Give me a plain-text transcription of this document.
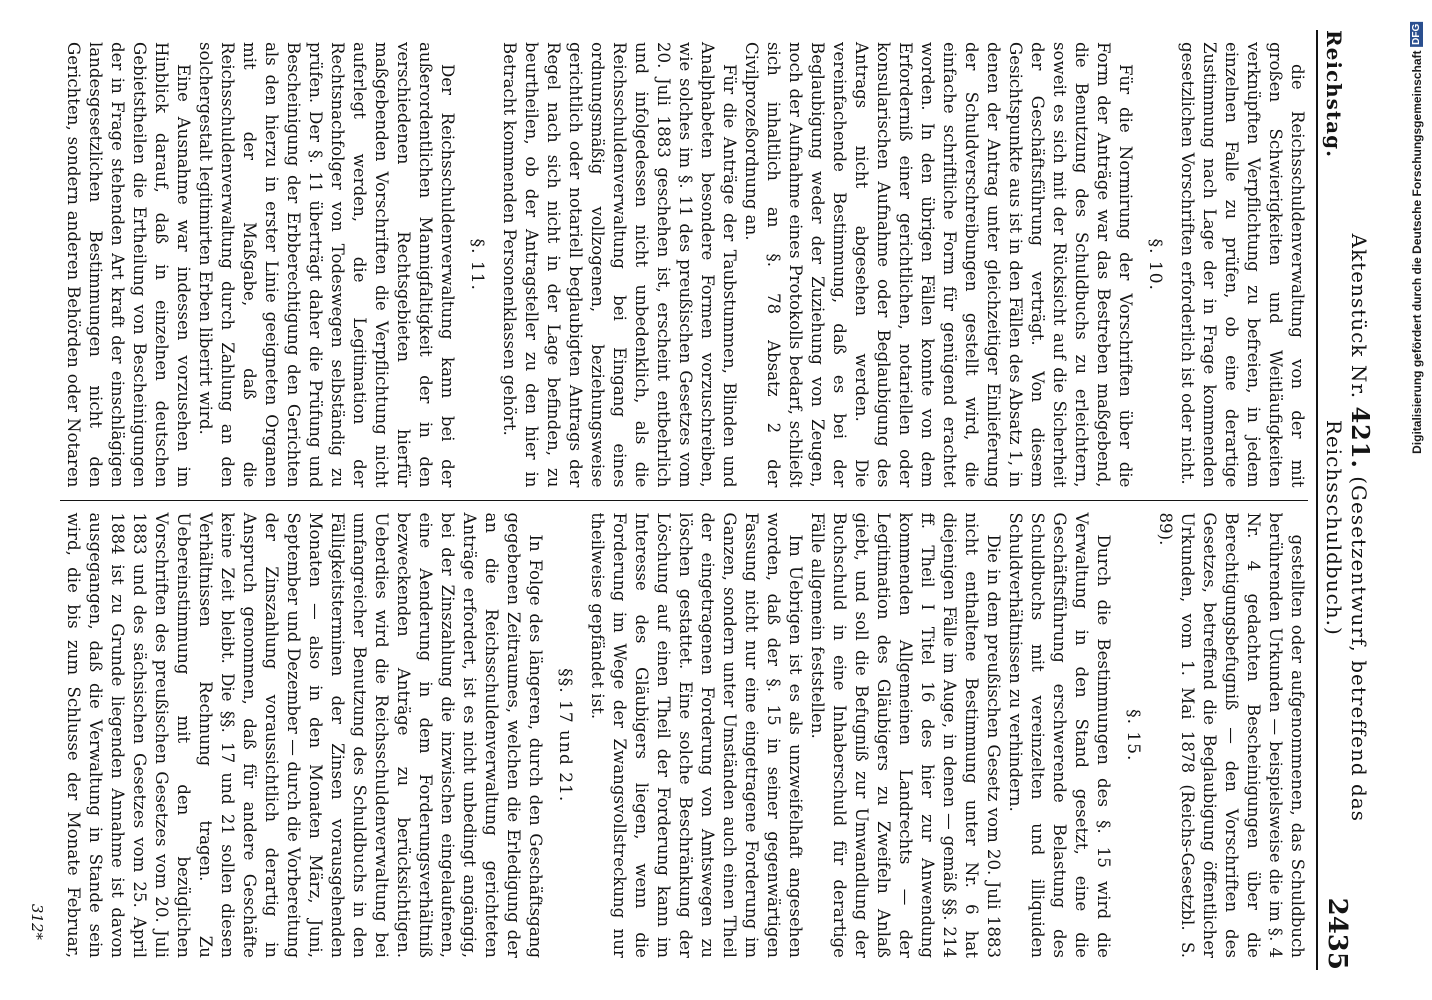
Reichstag.
Aktenstück Nr. 421. (Gesetzentwurf, betreffend das Reichsschuldbuch.)
2435

die Reichsschuldenverwaltung von der mit großen Schwierigkeiten und Weitläufigkeiten verknüpften Verpflichtung zu befreien, in jedem einzelnen Falle zu prüfen, ob eine derartige Zustimmung nach Lage der in Frage kommenden gesetzlichen Vorschriften erforderlich ist oder nicht.

§. 10.

Für die Normirung der Vorschriften über die Form der Anträge war das Bestreben maßgebend, die Benutzung des Schuldbuchs zu erleichtern, soweit es sich mit der Rücksicht auf die Sicherheit der Geschäftsführung verträgt. Von diesem Gesichtspunkte aus ist in den Fällen des Absatz 1, in denen der Antrag unter gleichzeitiger Einlieferung der Schuldverschreibungen gestellt wird, die einfache schriftliche Form für genügend erachtet worden. In den übrigen Fällen konnte von dem Erforderniß einer gerichtlichen, notariellen oder konsularischen Aufnahme oder Beglaubigung des Antrags nicht abgesehen werden. Die vereinfachende Bestimmung, daß es bei der Beglaubigung weder der Zuziehung von Zeugen, noch der Aufnahme eines Protokolls bedarf, schließt sich inhaltlich an §. 78 Absatz 2 der Civilprozeßordnung an.

Für die Anträge der Taubstummen, Blinden und Analphabeten besondere Formen vorzuschreiben, wie solches im §. 11 des preußischen Gesetzes vom 20. Juli 1883 geschehen ist, erscheint entbehrlich und infolgedessen nicht unbedenklich, als die Reichsschuldenverwaltung bei Eingang eines ordnungsmäßig vollzogenen, beziehungsweise gerichtlich oder notariell beglaubigten Antrags der Regel nach sich nicht in der Lage befinden, zu beurtheilen, ob der Antragsteller zu den hier in Betracht kommenden Personenklassen gehört.

§. 11.

Der Reichsschuldenverwaltung kann bei der außerordentlichen Mannigfaltigkeit der in den verschiedenen Rechtsgebieten hierfür maßgebenden Vorschriften die Verpflichtung nicht auferlegt werden, die Legitimation der Rechtsnachfolger von Todeswegen selbständig zu prüfen. Der §. 11 überträgt daher die Prüfung und Bescheinigung der Erbberechtigung den Gerichten als den hierzu in erster Linie geeigneten Organen mit der Maßgabe, daß die Reichsschuldenverwaltung durch Zahlung an den solchergestalt legitimirten Erben liberirt wird.

Eine Ausnahme war indessen vorzusehen im Hinblick darauf, daß in einzelnen deutschen Gebietstheilen die Ertheilung von Bescheinigungen der in Frage stehenden Art kraft der einschlägigen landesgesetzlichen Bestimmungen nicht den Gerichten, sondern anderen Behörden oder Notaren

gestellten oder aufgenommenen, das Schuldbuch berührenden Urkunden — beispielsweise die im §. 4 Nr. 4 gedachten Bescheinigungen über die Berechtigungsbefugniß — den Vorschriften des Gesetzes, betreffend die Beglaubigung öffentlicher Urkunden, vom 1. Mai 1878 (Reichs-Gesetzbl. S. 89).

§. 15.

Durch die Bestimmungen des §. 15 wird die Verwaltung in den Stand gesetzt, eine die Geschäftsführung erschwerende Belastung des Schuldbuchs mit vereinzelten und illiquiden Schuldverhältnissen zu verhindern.

Die in dem preußischen Gesetz vom 20. Juli 1883 nicht enthaltene Bestimmung unter Nr. 6 hat diejenigen Fälle im Auge, in denen — gemäß §§. 214 ff. Theil I Titel 16 des hier zur Anwendung kommenden Allgemeinen Landrechts — der Legitimation des Gläubigers zu Zweifeln Anlaß giebt, und soll die Befugniß zur Umwandlung der Buchschuld in eine Inhaberschuld für derartige Fälle allgemein feststellen.

Im Uebrigen ist es als unzweifelhaft angesehen worden, daß der §. 15 in seiner gegenwärtigen Fassung nicht nur eine eingetragene Forderung im Ganzen, sondern unter Umständen auch einen Theil der eingetragenen Forderung von Amtswegen zu löschen gestattet. Eine solche Beschränkung der Löschung auf einen Theil der Forderung kann im Interesse des Gläubigers liegen, wenn die Forderung im Wege der Zwangsvollstreckung nur theilweise gepfändet ist.

§§. 17 und 21.

In Folge des längeren, durch den Geschäftsgang gegebenen Zeitraumes, welchen die Erledigung der an die Reichsschuldenverwaltung gerichteten Anträge erfordert, ist es nicht unbedingt angängig, bei der Zinszahlung die inzwischen eingelaufenen, eine Aenderung in dem Forderungsverhältniß bezweckenden Anträge zu berücksichtigen. Ueberdies wird die Reichsschuldenverwaltung bei umfangreicher Benutzung des Schuldbuchs in den Fälligkeitsterminen der Zinsen vorausgehenden Monaten — also in den Monaten März, Juni, September und Dezember — durch die Vorbereitung der Zinszahlung voraussichtlich derartig in Anspruch genommen, daß für andere Geschäfte keine Zeit bleibt. Die §§. 17 und 21 sollen diesen Verhältnissen Rechnung tragen. Zu Uebereinstimmung mit den bezüglichen Vorschriften des preußischen Gesetzes vom 20. Juli 1883 und des sächsischen Gesetzes vom 25. April 1884 ist zu Grunde liegenden Annahme ist davon ausgegangen, daß die Verwaltung in Stande sein wird, die bis zum Schlusse der Monate Februar,

312*
Digitalisierung gefördert durch die Deutsche Forschungsgemeinschaft DFG
